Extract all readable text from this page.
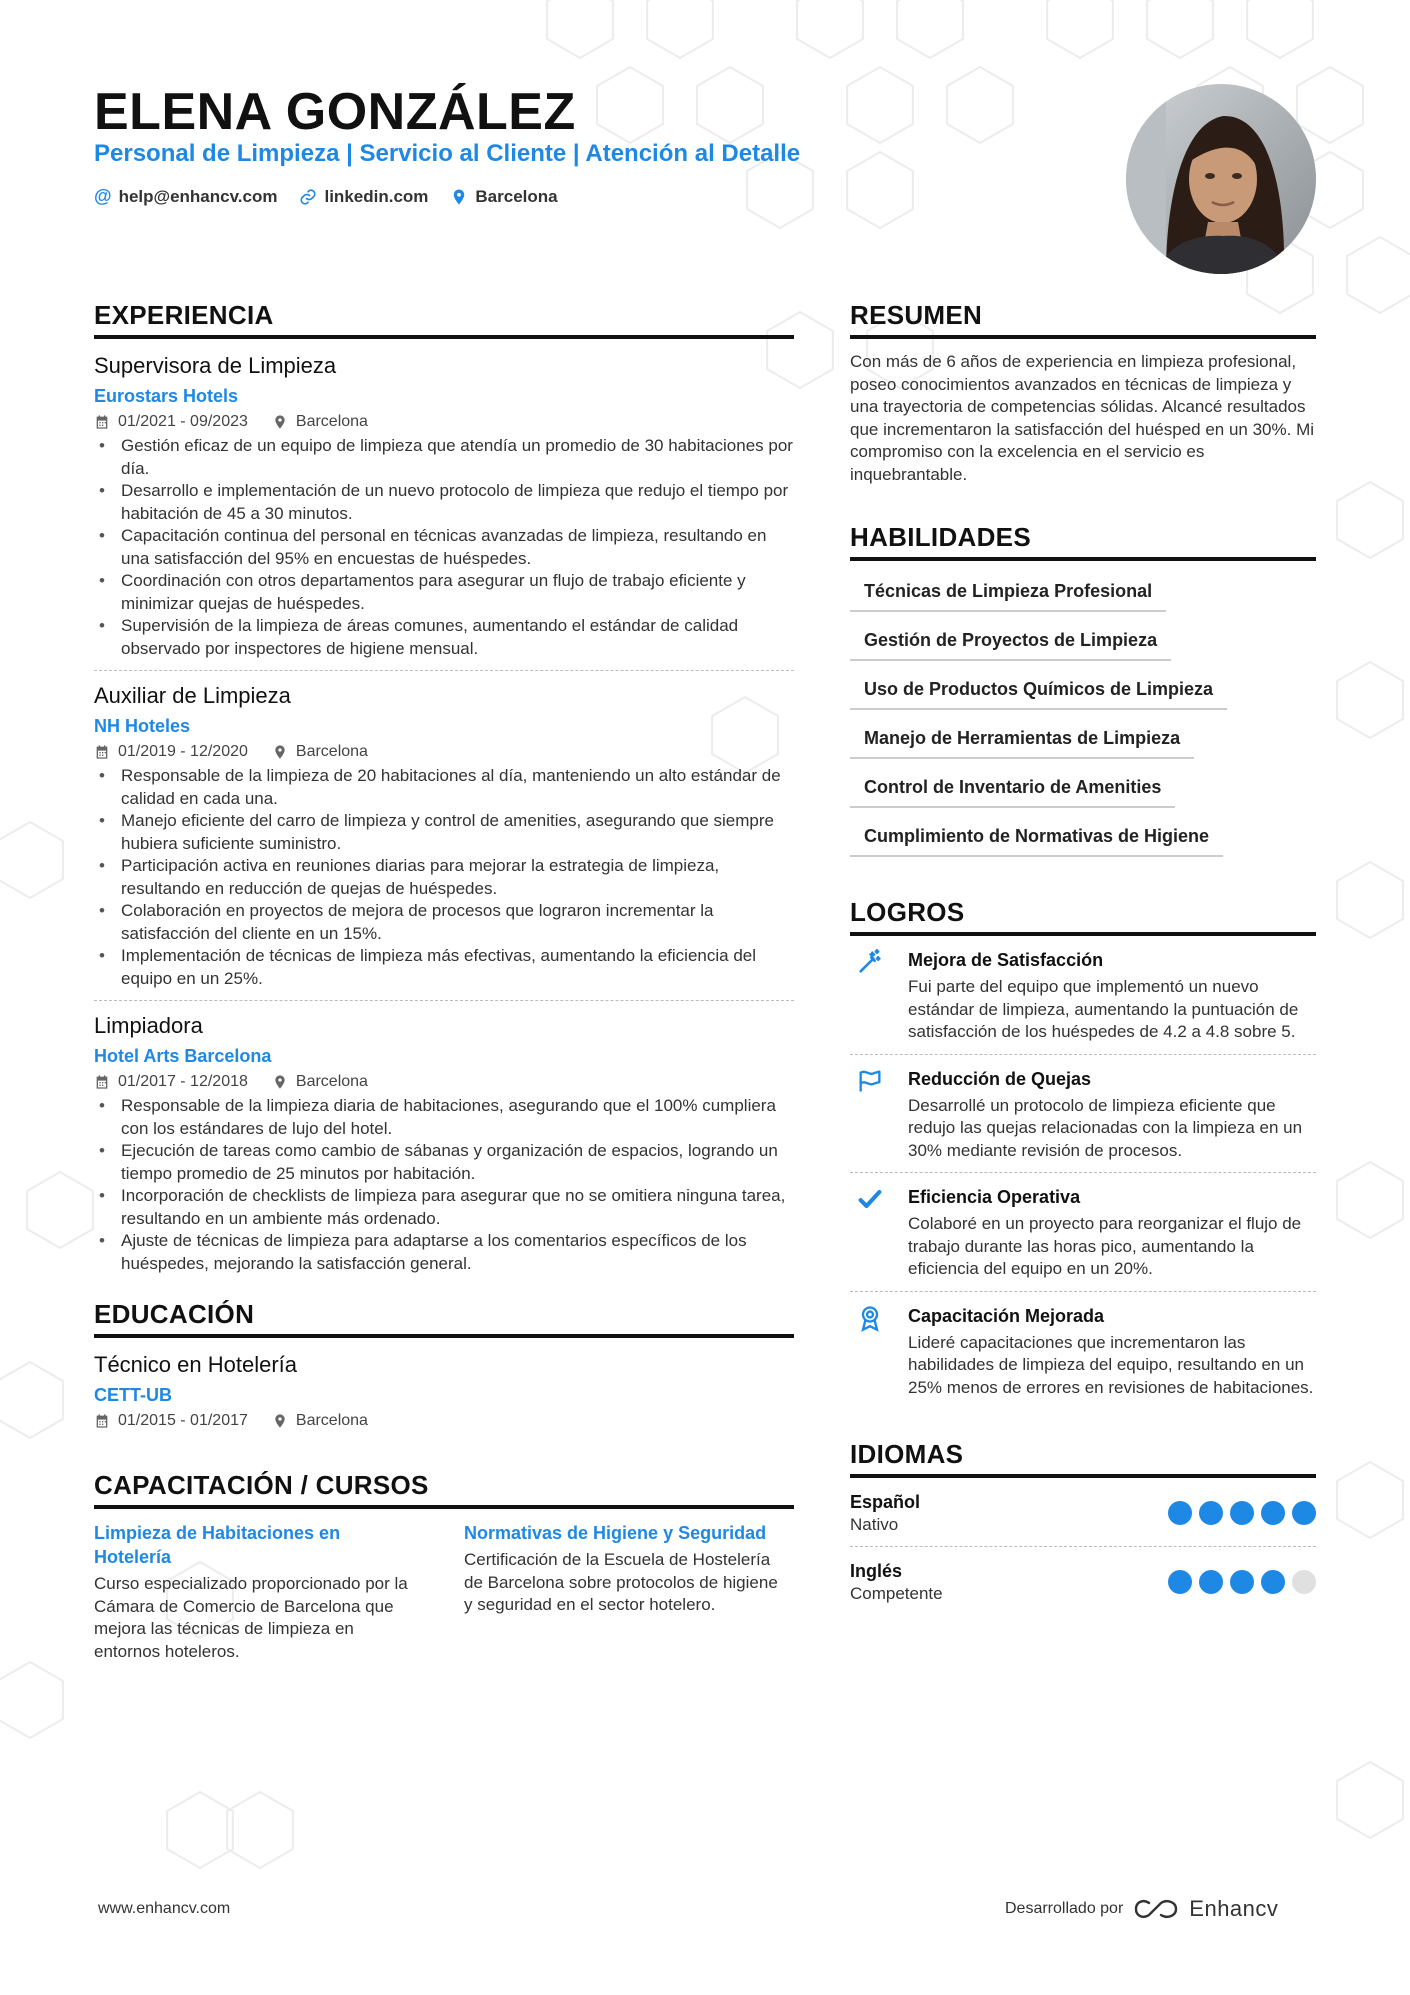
ELENA GONZÁLEZ
Personal de Limpieza | Servicio al Cliente | Atención al Detalle
@ help@enhancv.com	linkedin.com	Barcelona
EXPERIENCIA
Supervisora de Limpieza
Eurostars Hotels
01/2021 - 09/2023	Barcelona
• Gestión eficaz de un equipo de limpieza que atendía un promedio de 30 habitaciones por día.
• Desarrollo e implementación de un nuevo protocolo de limpieza que redujo el tiempo por habitación de 45 a 30 minutos.
• Capacitación continua del personal en técnicas avanzadas de limpieza, resultando en una satisfacción del 95% en encuestas de huéspedes.
• Coordinación con otros departamentos para asegurar un flujo de trabajo eficiente y minimizar quejas de huéspedes.
• Supervisión de la limpieza de áreas comunes, aumentando el estándar de calidad observado por inspectores de higiene mensual.
Auxiliar de Limpieza
NH Hoteles
01/2019 - 12/2020	Barcelona
• Responsable de la limpieza de 20 habitaciones al día, manteniendo un alto estándar de calidad en cada una.
• Manejo eficiente del carro de limpieza y control de amenities, asegurando que siempre hubiera suficiente suministro.
• Participación activa en reuniones diarias para mejorar la estrategia de limpieza, resultando en reducción de quejas de huéspedes.
• Colaboración en proyectos de mejora de procesos que lograron incrementar la satisfacción del cliente en un 15%.
• Implementación de técnicas de limpieza más efectivas, aumentando la eficiencia del equipo en un 25%.
Limpiadora
Hotel Arts Barcelona
01/2017 - 12/2018	Barcelona
• Responsable de la limpieza diaria de habitaciones, asegurando que el 100% cumpliera con los estándares de lujo del hotel.
• Ejecución de tareas como cambio de sábanas y organización de espacios, logrando un tiempo promedio de 25 minutos por habitación.
• Incorporación de checklists de limpieza para asegurar que no se omitiera ninguna tarea, resultando en un ambiente más ordenado.
• Ajuste de técnicas de limpieza para adaptarse a los comentarios específicos de los huéspedes, mejorando la satisfacción general.
EDUCACIÓN
Técnico en Hotelería
CETT-UB
01/2015 - 01/2017	Barcelona
CAPACITACIÓN / CURSOS
Limpieza de Habitaciones en Hotelería
Curso especializado proporcionado por la Cámara de Comercio de Barcelona que mejora las técnicas de limpieza en entornos hoteleros.
Normativas de Higiene y Seguridad
Certificación de la Escuela de Hostelería de Barcelona sobre protocolos de higiene y seguridad en el sector hotelero.
RESUMEN
Con más de 6 años de experiencia en limpieza profesional, poseo conocimientos avanzados en técnicas de limpieza y una trayectoria de competencias sólidas. Alcancé resultados que incrementaron la satisfacción del huésped en un 30%. Mi compromiso con la excelencia en el servicio es inquebrantable.
HABILIDADES
Técnicas de Limpieza Profesional
Gestión de Proyectos de Limpieza
Uso de Productos Químicos de Limpieza
Manejo de Herramientas de Limpieza
Control de Inventario de Amenities
Cumplimiento de Normativas de Higiene
LOGROS
Mejora de Satisfacción
Fui parte del equipo que implementó un nuevo estándar de limpieza, aumentando la puntuación de satisfacción de los huéspedes de 4.2 a 4.8 sobre 5.
Reducción de Quejas
Desarrollé un protocolo de limpieza eficiente que redujo las quejas relacionadas con la limpieza en un 30% mediante revisión de procesos.
Eficiencia Operativa
Colaboré en un proyecto para reorganizar el flujo de trabajo durante las horas pico, aumentando la eficiencia del equipo en un 20%.
Capacitación Mejorada
Lideré capacitaciones que incrementaron las habilidades de limpieza del equipo, resultando en un 25% menos de errores en revisiones de habitaciones.
IDIOMAS
Español
Nativo
Inglés
Competente
www.enhancv.com	Desarrollado por	Enhancv
